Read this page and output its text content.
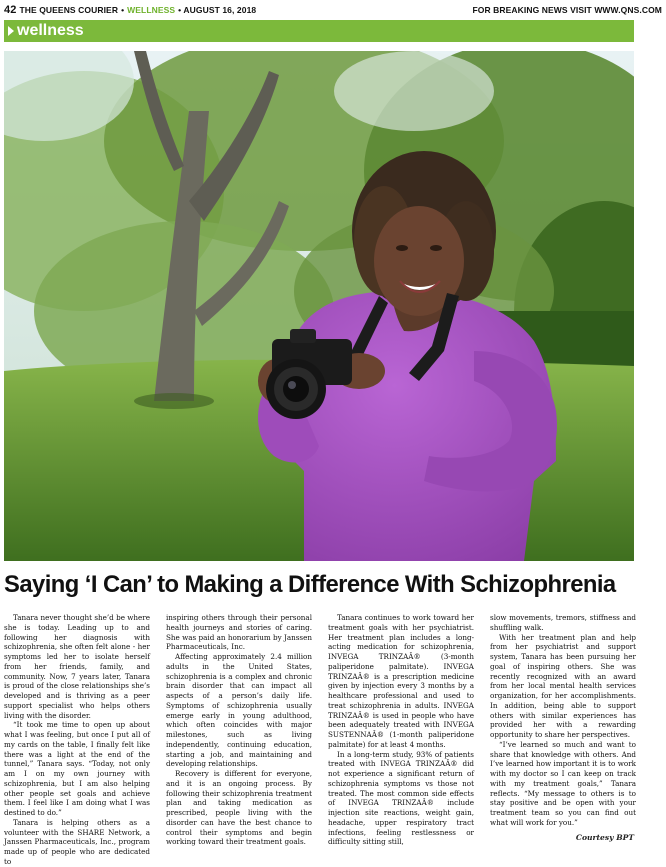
42 THE QUEENS COURIER • WELLNESS • AUGUST 16, 2018	FOR BREAKING NEWS VISIT WWW.QNS.COM
wellness
Saying ‘I Can’ to Making a Difference With Schizophrenia

Tanara never thought she’d be where she is today. Leading up to and following her diagnosis with schizophrenia, she often felt alone - her symptoms led her to isolate herself from her friends, family, and community. Now, 7 years later, Tanara is proud of the close relationships she’s developed and is thriving as a peer support specialist who helps others living with the disorder.

“It took me time to open up about what I was feeling, but once I put all of my cards on the table, I finally felt like there was a light at the end of the tunnel,” Tanara says. “Today, not only am I on my own journey with schizophrenia, but I am also helping other people set goals and achieve them. I feel like I am doing what I was destined to do.”

Tanara is helping others as a volunteer with the SHARE Network, a Janssen Pharmaceuticals, Inc., program made up of people who are dedicated to

inspiring others through their personal health journeys and stories of caring. She was paid an honorarium by Janssen Pharmaceuticals, Inc.

Affecting approximately 2.4 million adults in the United States, schizophrenia is a complex and chronic brain disorder that can impact all aspects of a person’s daily life. Symptoms of schizophrenia usually emerge early in young adulthood, which often coincides with major milestones, such as living independently, continuing education, starting a job, and maintaining and developing relationships.

Recovery is different for everyone, and it is an ongoing process. By following their schizophrenia treatment plan and taking medication as prescribed, people living with the disorder can have the best chance to control their symptoms and begin working toward their treatment goals.

Tanara continues to work toward her treatment goals with her psychiatrist. Her treatment plan includes a long-acting medication for schizophrenia, INVEGA TRINZAÂ® (3-month paliperidone palmitate). INVEGA TRINZAÂ® is a prescription medicine given by injection every 3 months by a healthcare professional and used to treat schizophrenia in adults. INVEGA TRINZAÂ® is used in people who have been adequately treated with INVEGA SUSTENNAÂ® (1-month paliperidone palmitate) for at least 4 months.

In a long-term study, 93% of patients treated with INVEGA TRINZAÂ® did not experience a significant return of schizophrenia symptoms vs those not treated. The most common side effects of INVEGA TRINZAÂ® include injection site reactions, weight gain, headache, upper respiratory tract infections, feeling restlessness or difficulty sitting still,

slow movements, tremors, stiffness and shuffling walk.

With her treatment plan and help from her psychiatrist and support system, Tanara has been pursuing her goal of inspiring others. She was recently recognized with an award from her local mental health services organization, for her accomplishments. In addition, being able to support others with similar experiences has provided her with a rewarding opportunity to share her perspectives.

“I’ve learned so much and want to share that knowledge with others. And I’ve learned how important it is to work with my doctor so I can keep on track with my treatment goals,” Tanara reflects. “My message to others is to stay positive and be open with your treatment team so you can find out what will work for you.”

Courtesy BPT
